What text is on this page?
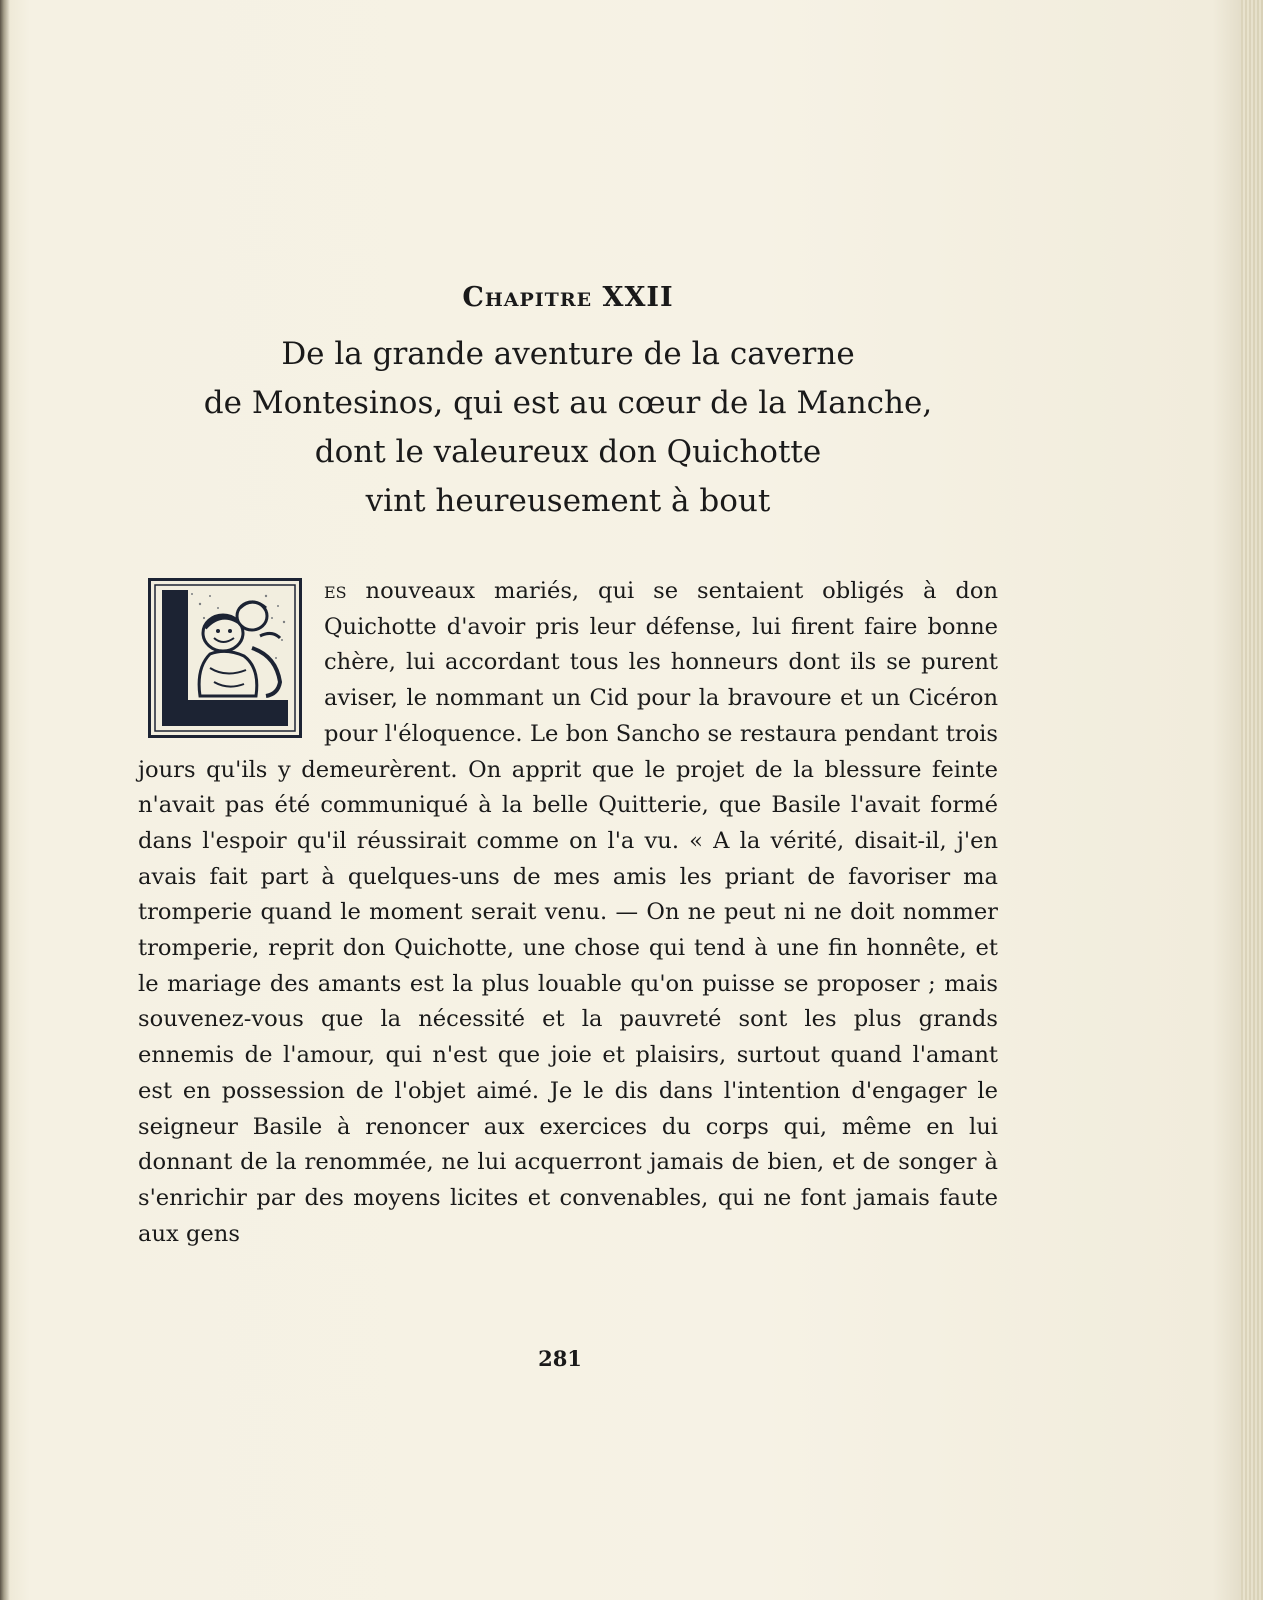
Chapitre XXII
De la grande aventure de la caverne
de Montesinos, qui est au cœur de la Manche,
dont le valeureux don Quichotte
vint heureusement à bout

es nouveaux mariés, qui se sentaient obligés à don Quichotte d'avoir pris leur défense, lui firent faire bonne chère, lui accordant tous les honneurs dont ils se purent aviser, le nommant un Cid pour la bravoure et un Cicéron pour l'éloquence. Le bon Sancho se restaura pendant trois jours qu'ils y demeurèrent. On apprit que le projet de la blessure feinte n'avait pas été communiqué à la belle Quitterie, que Basile l'avait formé dans l'espoir qu'il réussirait comme on l'a vu. « A la vérité, disait-il, j'en avais fait part à quelques-uns de mes amis les priant de favoriser ma tromperie quand le moment serait venu. — On ne peut ni ne doit nommer tromperie, reprit don Quichotte, une chose qui tend à une fin honnête, et le mariage des amants est la plus louable qu'on puisse se proposer ; mais souvenez-vous que la nécessité et la pauvreté sont les plus grands ennemis de l'amour, qui n'est que joie et plaisirs, surtout quand l'amant est en possession de l'objet aimé. Je le dis dans l'intention d'engager le seigneur Basile à renoncer aux exercices du corps qui, même en lui donnant de la renommée, ne lui acquerront jamais de bien, et de songer à s'enrichir par des moyens licites et convenables, qui ne font jamais faute aux gens

281
